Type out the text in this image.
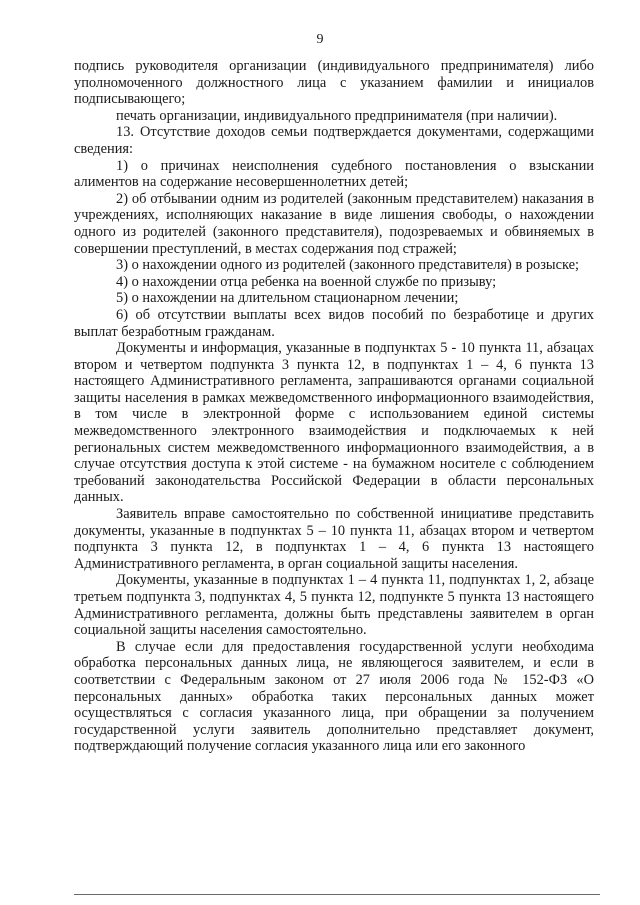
9

подпись руководителя организации (индивидуального предпринимателя) либо уполномоченного должностного лица с указанием фамилии и инициалов подписывающего;

печать организации, индивидуального предпринимателя (при наличии).

13. Отсутствие доходов семьи подтверждается документами, содержащими сведения:

1) о причинах неисполнения судебного постановления о взыскании алиментов на содержание несовершеннолетних детей;

2) об отбывании одним из родителей (законным представителем) наказания в учреждениях, исполняющих наказание в виде лишения свободы, о нахождении одного из родителей (законного представителя), подозреваемых и обвиняемых в совершении преступлений, в местах содержания под стражей;

3) о нахождении одного из родителей (законного представителя) в розыске;

4) о нахождении отца ребенка на военной службе по призыву;

5) о нахождении на длительном стационарном лечении;

6) об отсутствии выплаты всех видов пособий по безработице и других выплат безработным гражданам.

Документы и информация, указанные в подпунктах 5 - 10 пункта 11, абзацах втором и четвертом подпункта 3 пункта 12, в подпунктах 1 – 4, 6 пункта 13 настоящего Административного регламента, запрашиваются органами социальной защиты населения в рамках межведомственного информационного взаимодействия, в том числе в электронной форме с использованием единой системы межведомственного электронного взаимодействия и подключаемых к ней региональных систем межведомственного информационного взаимодействия, а в случае отсутствия доступа к этой системе - на бумажном носителе с соблюдением требований законодательства Российской Федерации в области персональных данных.

Заявитель вправе самостоятельно по собственной инициативе представить документы, указанные в подпунктах 5 – 10 пункта 11, абзацах втором и четвертом подпункта 3 пункта 12, в подпунктах 1 – 4, 6 пункта 13 настоящего Административного регламента, в орган социальной защиты населения.

Документы, указанные в подпунктах 1 – 4 пункта 11, подпунктах 1, 2, абзаце третьем подпункта 3, подпунктах 4, 5 пункта 12, подпункте 5 пункта 13 настоящего Административного регламента, должны быть представлены заявителем в орган социальной защиты населения самостоятельно.

В случае если для предоставления государственной услуги необходима обработка персональных данных лица, не являющегося заявителем, и если в соответствии с Федеральным законом от 27 июля 2006 года № 152-ФЗ «О персональных данных» обработка таких персональных данных может осуществляться с согласия указанного лица, при обращении за получением государственной услуги заявитель дополнительно представляет документ, подтверждающий получение согласия указанного лица или его законного
